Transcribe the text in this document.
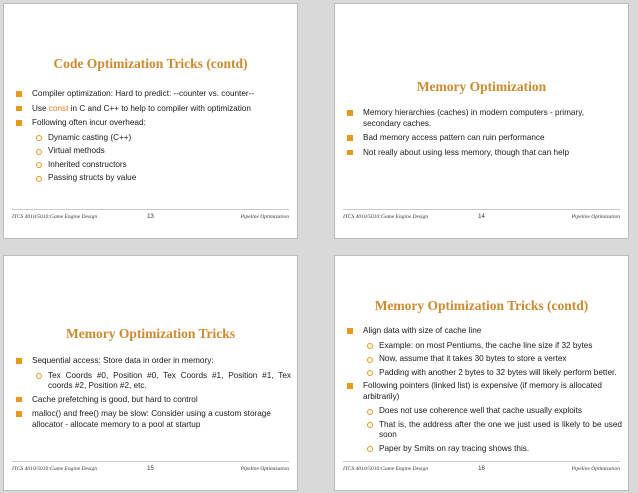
Code Optimization Tricks (contd)
Compiler optimization: Hard to predict: --counter vs. counter--
Use const in C and C++ to help to compiler with optimization
Following often incur overhead:
Dynamic casting (C++)
Virtual methods
Inherited constructors
Passing structs by value
ITCS 4010/5010:Game Engine Design	13	Pipeline Optimization
Memory Optimization
Memory hierarchies (caches) in modern computers - primary, secondary caches.
Bad memory access pattern can ruin performance
Not really about using less memory, though that can help
ITCS 4010/5010:Game Engine Design	14	Pipeline Optimization
Memory Optimization Tricks
Sequential access: Store data in order in memory:
Tex Coords #0, Position #0, Tex Coords #1, Position #1, Tex coords #2, Position #2, etc.
Cache prefetching is good, but hard to control
malloc() and free() may be slow: Consider using a custom storage allocator - allocate memory to a pool at startup
ITCS 4010/5010:Game Engine Design	15	Pipeline Optimization
Memory Optimization Tricks (contd)
Align data with size of cache line
Example: on most Pentiums, the cache line size if 32 bytes
Now, assume that it takes 30 bytes to store a vertex
Padding with another 2 bytes to 32 bytes will likely perform better.
Following pointers (linked list) is expensive (if memory is allocated arbitrarily)
Does not use coherence well that cache usually exploits
That is, the address after the one we just used is likely to be used soon
Paper by Smits on ray tracing shows this.
ITCS 4010/5010:Game Engine Design	16	Pipeline Optimization
